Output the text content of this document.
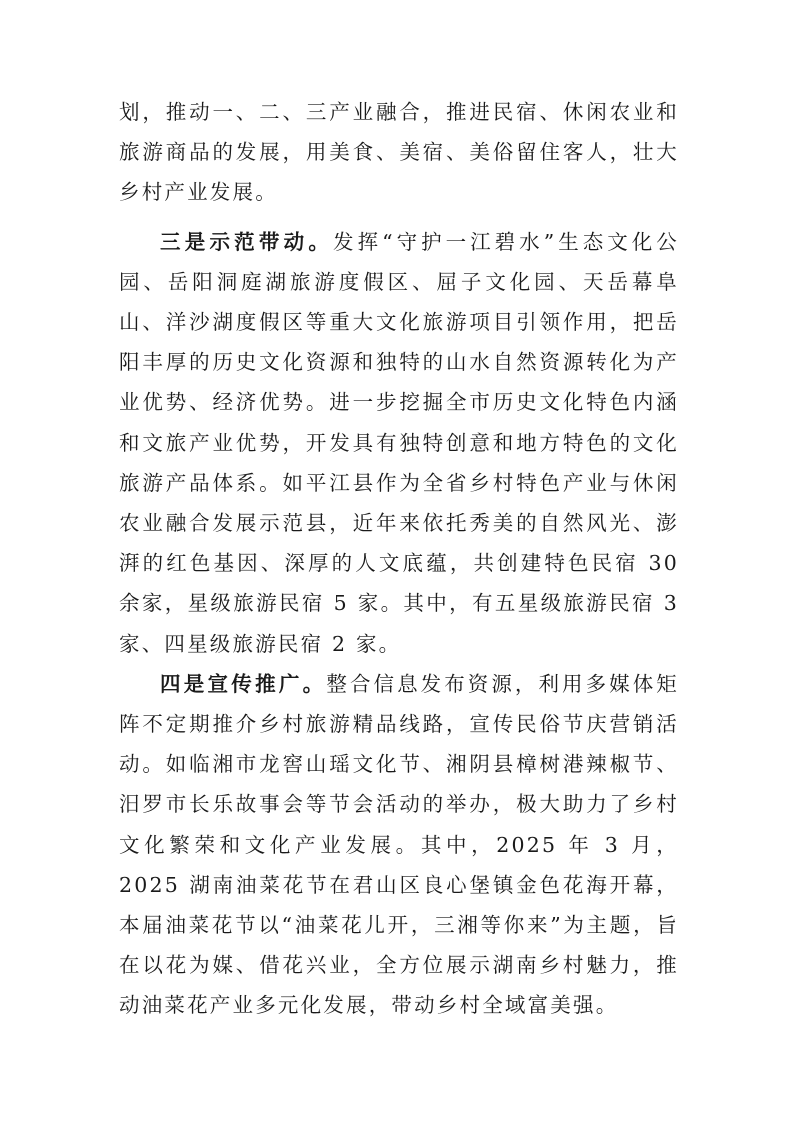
划，推动一、二、三产业融合，推进民宿、休闲农业和旅游商品的发展，用美食、美宿、美俗留住客人，壮大乡村产业发展。

三是示范带动。发挥“守护一江碧水”生态文化公园、岳阳洞庭湖旅游度假区、屈子文化园、天岳幕阜山、洋沙湖度假区等重大文化旅游项目引领作用，把岳阳丰厚的历史文化资源和独特的山水自然资源转化为产业优势、经济优势。进一步挖掘全市历史文化特色内涵和文旅产业优势，开发具有独特创意和地方特色的文化旅游产品体系。如平江县作为全省乡村特色产业与休闲农业融合发展示范县，近年来依托秀美的自然风光、澎湃的红色基因、深厚的人文底蕴，共创建特色民宿 30 余家，星级旅游民宿 5 家。其中，有五星级旅游民宿 3 家、四星级旅游民宿 2 家。

四是宣传推广。整合信息发布资源，利用多媒体矩阵不定期推介乡村旅游精品线路，宣传民俗节庆营销活动。如临湘市龙窖山瑶文化节、湘阴县樟树港辣椒节、汨罗市长乐故事会等节会活动的举办，极大助力了乡村文化繁荣和文化产业发展。其中，2025 年 3 月，2025 湖南油菜花节在君山区良心堡镇金色花海开幕，本届油菜花节以“油菜花儿开，三湘等你来”为主题，旨在以花为媒、借花兴业，全方位展示湖南乡村魅力，推动油菜花产业多元化发展，带动乡村全域富美强。
